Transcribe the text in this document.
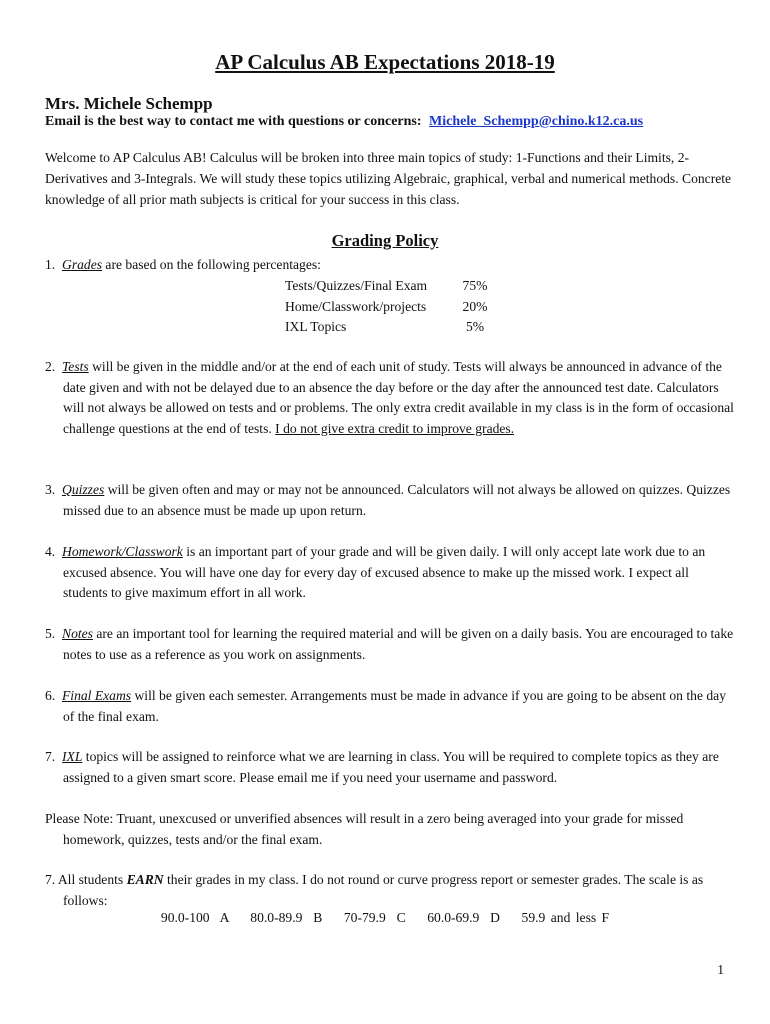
AP Calculus AB Expectations 2018-19
Mrs. Michele Schempp
Email is the best way to contact me with questions or concerns: Michele_Schempp@chino.k12.ca.us
Welcome to AP Calculus AB! Calculus will be broken into three main topics of study: 1-Functions and their Limits, 2-Derivatives and 3-Integrals. We will study these topics utilizing Algebraic, graphical, verbal and numerical methods. Concrete knowledge of all prior math subjects is critical for your success in this class.
Grading Policy
1. Grades are based on the following percentages:
Tests/Quizzes/Final Exam	75%
Home/Classwork/projects	20%
IXL Topics	5%
2. Tests will be given in the middle and/or at the end of each unit of study. Tests will always be announced in advance of the date given and with not be delayed due to an absence the day before or the day after the announced test date. Calculators will not always be allowed on tests and or problems. The only extra credit available in my class is in the form of occasional challenge questions at the end of tests. I do not give extra credit to improve grades.
3. Quizzes will be given often and may or may not be announced. Calculators will not always be allowed on quizzes. Quizzes missed due to an absence must be made up upon return.
4. Homework/Classwork is an important part of your grade and will be given daily. I will only accept late work due to an excused absence. You will have one day for every day of excused absence to make up the missed work. I expect all students to give maximum effort in all work.
5. Notes are an important tool for learning the required material and will be given on a daily basis. You are encouraged to take notes to use as a reference as you work on assignments.
6. Final Exams will be given each semester. Arrangements must be made in advance if you are going to be absent on the day of the final exam.
7. IXL topics will be assigned to reinforce what we are learning in class. You will be required to complete topics as they are assigned to a given smart score. Please email me if you need your username and password.
Please Note: Truant, unexcused or unverified absences will result in a zero being averaged into your grade for missed homework, quizzes, tests and/or the final exam.
7. All students EARN their grades in my class. I do not round or curve progress report or semester grades. The scale is as follows:
90.0-100  A    80.0-89.9  B    70-79.9  C    60.0-69.9  D    59.9 and less F
1
